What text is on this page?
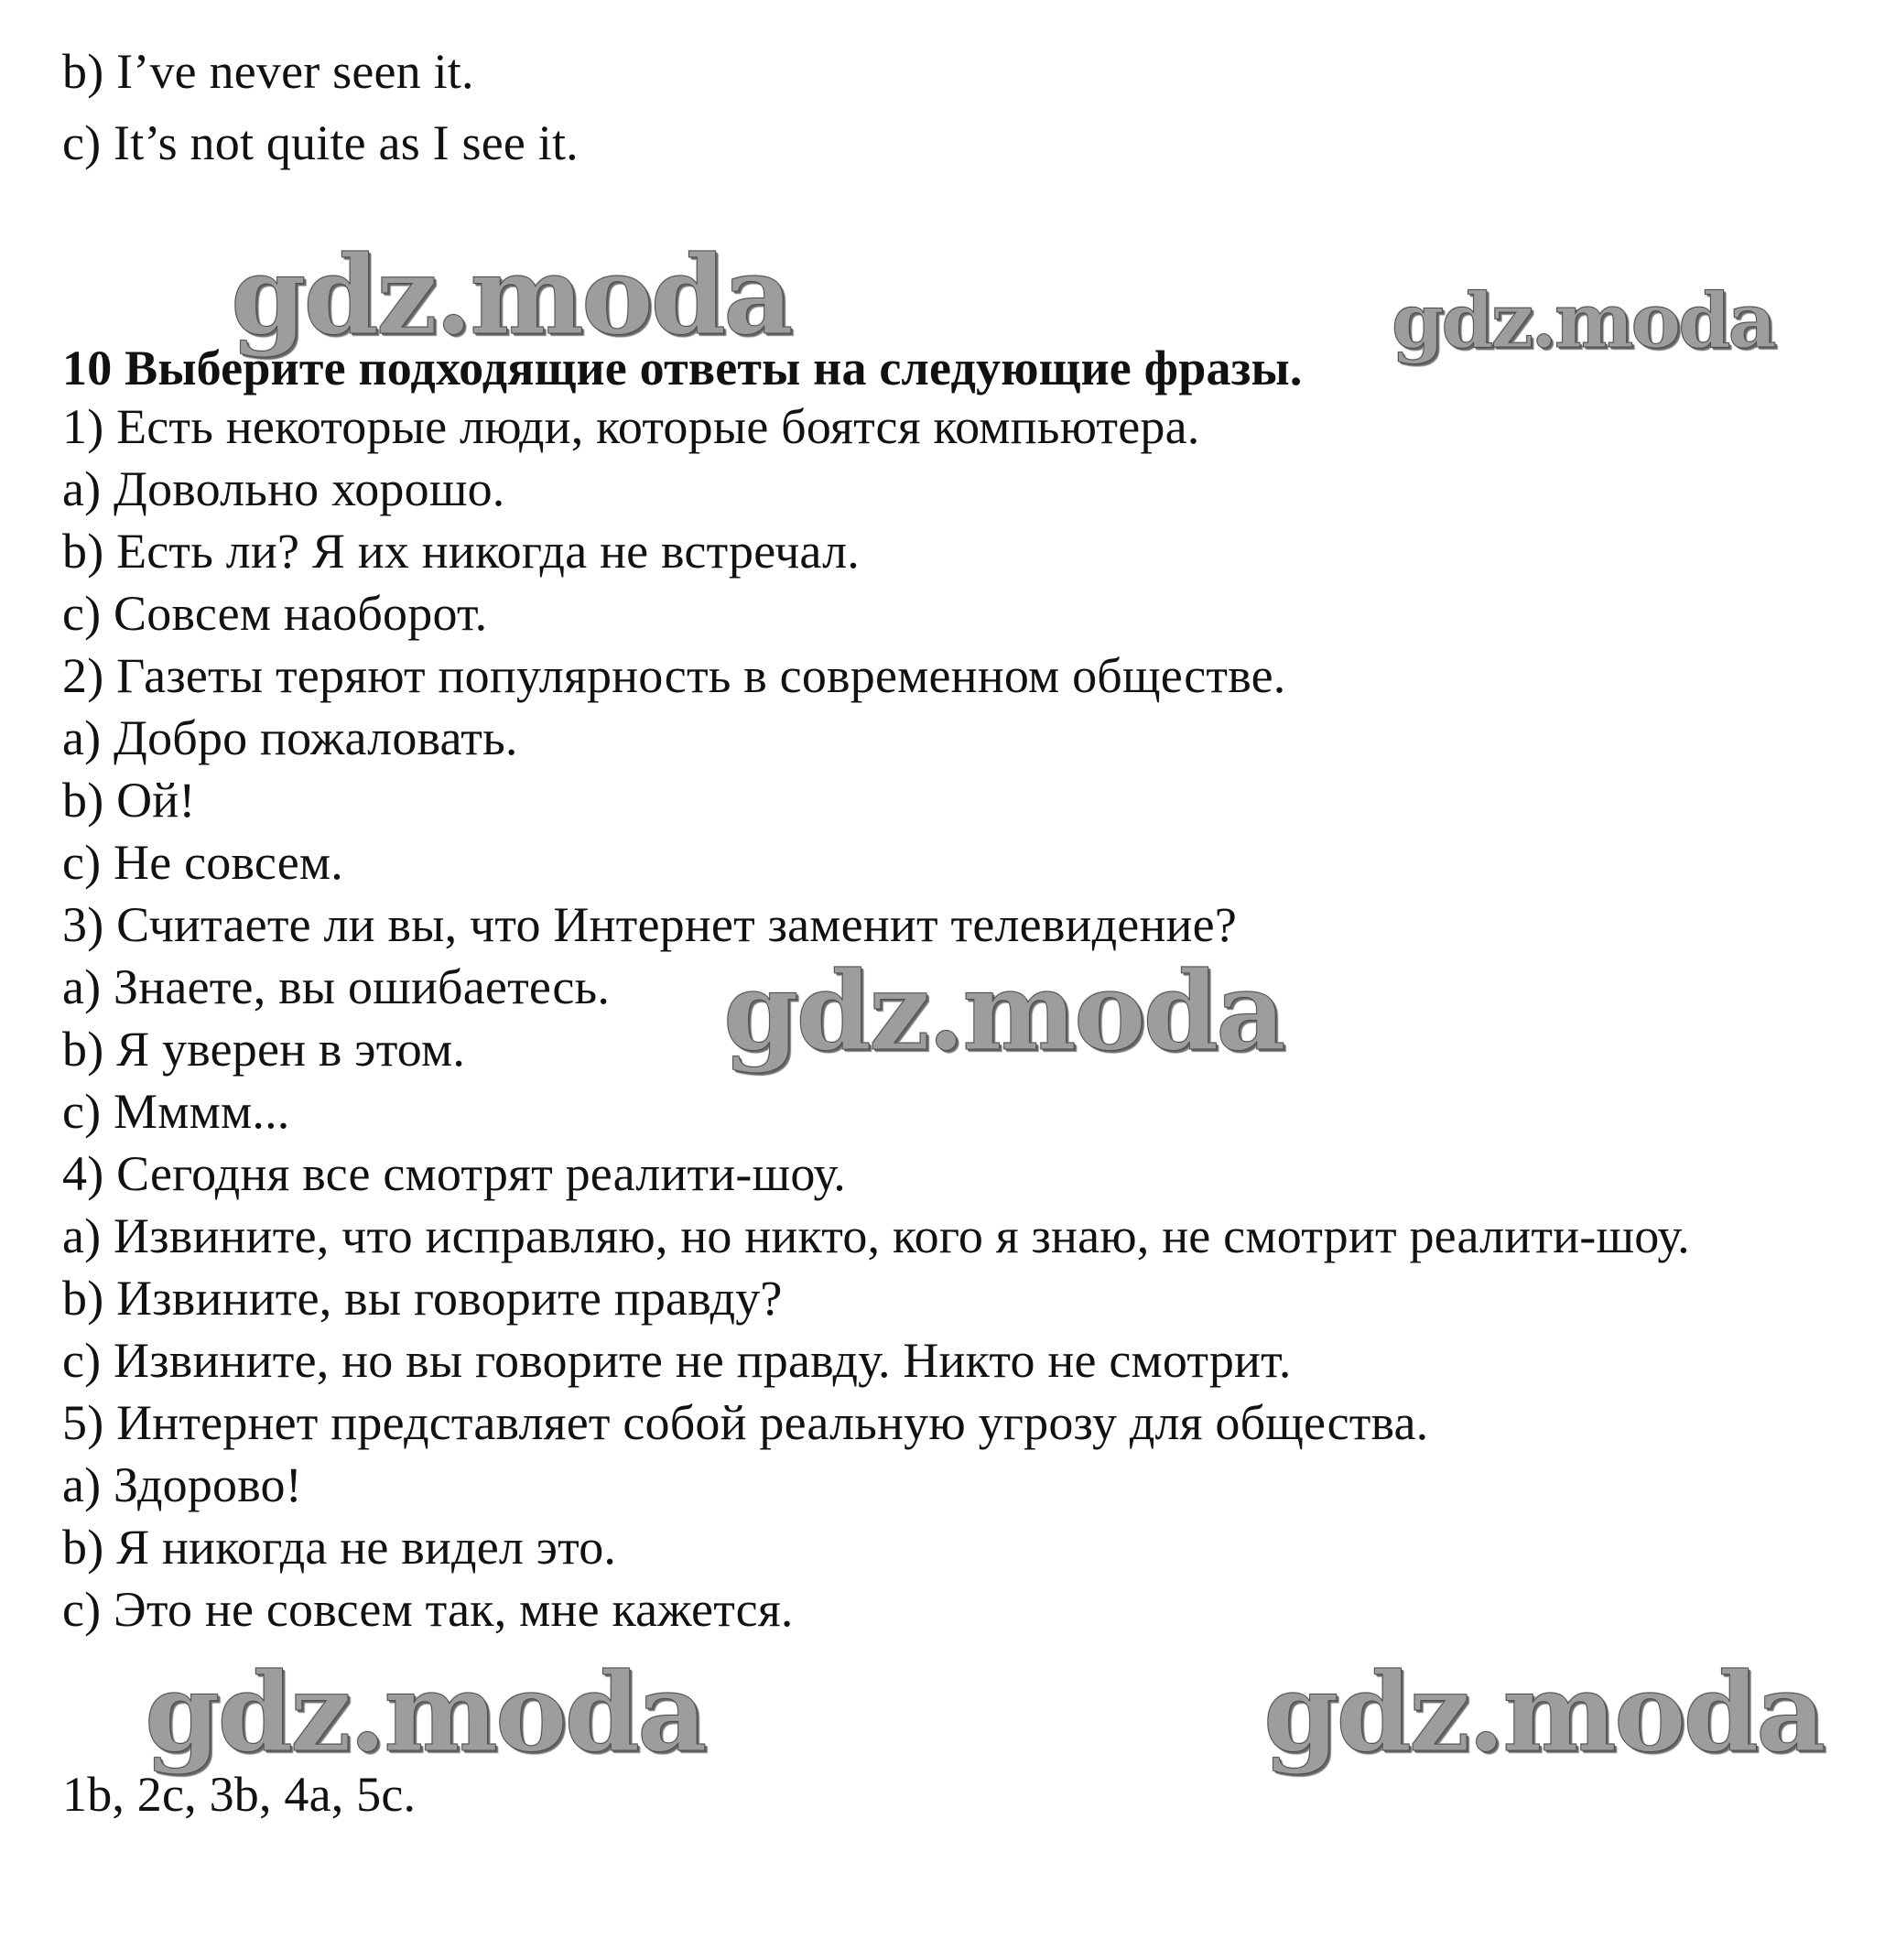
b) I’ve never seen it.
c) It’s not quite as I see it.
gdz.moda	gdz.moda
10 Выберите подходящие ответы на следующие фразы.
1) Есть некоторые люди, которые боятся компьютера.
a) Довольно хорошо.
b) Есть ли? Я их никогда не встречал.
c) Совсем наоборот.
2) Газеты теряют популярность в современном обществе.
a) Добро пожаловать.
b) Ой!
c) Не совсем.
3) Считаете ли вы, что Интернет заменит телевидение?
a) Знаете, вы ошибаетесь.
b) Я уверен в этом.
c) Мммм...
4) Сегодня все смотрят реалити-шоу.
a) Извините, что исправляю, но никто, кого я знаю, не смотрит реалити-шоу.
b) Извините, вы говорите правду?
c) Извините, но вы говорите не правду. Никто не смотрит.
5) Интернет представляет собой реальную угрозу для общества.
a) Здорово!
b) Я никогда не видел это.
c) Это не совсем так, мне кажется.
gdz.moda
gdz.moda	gdz.moda
1b, 2c, 3b, 4a, 5c.
